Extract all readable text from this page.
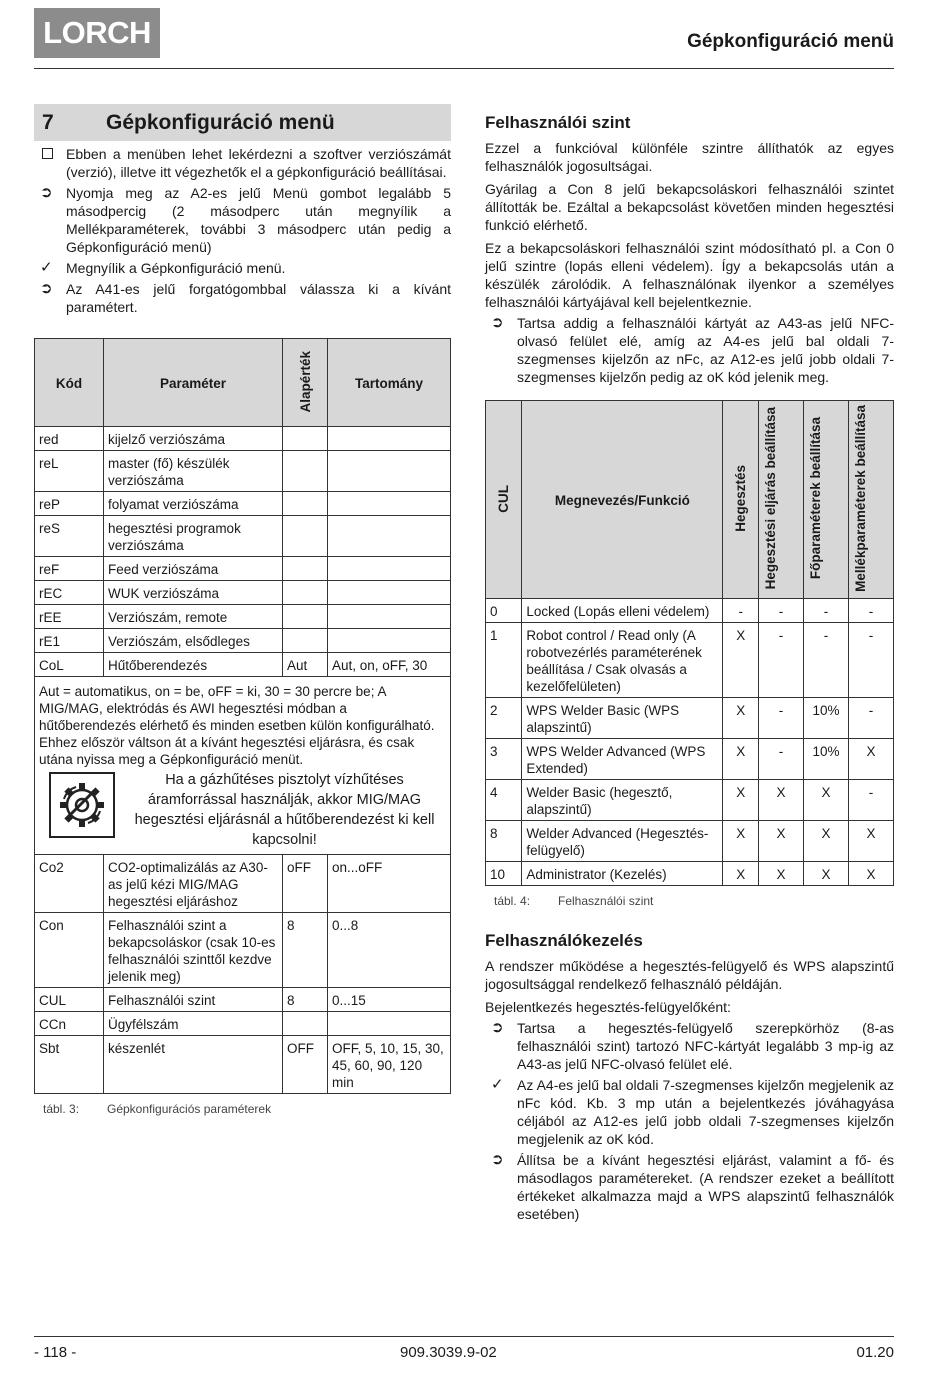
LORCH	Gépkonfiguráció menü
7	Gépkonfiguráció menü
Ebben a menüben lehet lekérdezni a szoftver verziószámát (verzió), illetve itt végezhetők el a gépkonfiguráció beállításai.
➲ Nyomja meg az A2-es jelű Menü gombot legalább 5 másodpercig (2 másodperc után megnyílik a Mellékparaméterek, további 3 másodperc után pedig a Gépkonfiguráció menü)
✓ Megnyílik a Gépkonfiguráció menü.
➲ Az A41-es jelű forgatógombbal válassza ki a kívánt paramétert.
Kód	Paraméter	Alapérték	Tartomány
red	kijelző verziószáma		
reL	master (fő) készülék verziószáma		
reP	folyamat verziószáma		
reS	hegesztési programok verziószáma		
reF	Feed verziószáma		
rEC	WUK verziószáma		
rEE	Verziószám, remote		
rE1	Verziószám, elsődleges		
CoL	Hűtőberendezés	Aut	Aut, on, oFF, 30

Aut = automatikus, on = be, oFF = ki, 30 = 30 percre be; A MIG/MAG, elektródás és AWI hegesztési módban a hűtőberendezés elérhető és minden esetben külön konfigurálható. Ehhez először váltson át a kívánt hegesztési eljárásra, és csak utána nyissa meg a Gépkonfiguráció menüt.
Ha a gázhűtéses pisztolyt vízhűtéses áramforrással használják, akkor MIG/MAG hegesztési eljárásnál a hűtőberendezést ki kell kapcsolni!			

Co2	CO2-optimalizálás az A30-as jelű kézi MIG/MAG hegesztési eljáráshoz	oFF	on...oFF
Con	Felhasználói szint a bekapcsoláskor (csak 10-es felhasználói szinttől kezdve jelenik meg)	8	0...8
CUL	Felhasználói szint	8	0...15
CCn	Ügyfélszám		
Sbt	készenlét	OFF	OFF, 5, 10, 15, 30, 45, 60, 90, 120 min
tábl. 3:	Gépkonfigurációs paraméterek
Felhasználói szint

Ezzel a funkcióval különféle szintre állíthatók az egyes felhasználók jogosultságai.

Gyárilag a Con 8 jelű bekapcsoláskori felhasználói szintet állították be. Ezáltal a bekapcsolást követően minden hegesztési funkció elérhető.

Ez a bekapcsoláskori felhasználói szint módosítható pl. a Con 0 jelű szintre (lopás elleni védelem). Így a bekapcsolás után a készülék zárolódik. A felhasználónak ilyenkor a személyes felhasználói kártyájával kell bejelentkeznie.

➲ Tartsa addig a felhasználói kártyát az A43-as jelű NFC-olvasó felület elé, amíg az A4-es jelű bal oldali 7-szegmenses kijelzőn az nFc, az A12-es jelű jobb oldali 7-szegmenses kijelzőn pedig az oK kód jelenik meg.
CUL	Megnevezés/Funkció	Hegesztés	Hegesztési eljárás beállítása	Főparaméterek beállítása	Mellékparaméterek beállítása
0	Locked (Lopás elleni védelem)	-	-	-	-
1	Robot control / Read only (A robotvezérlés paraméterének beállítása / Csak olvasás a kezelőfelületen)	X	-	-	-
2	WPS Welder Basic (WPS alapszintű)	X	-	10%	-
3	WPS Welder Advanced (WPS Extended)	X	-	10%	X
4	Welder Basic (hegesztő, alapszintű)	X	X	X	-
8	Welder Advanced (Hegesztés-felügyelő)	X	X	X	X
10	Administrator (Kezelés)	X	X	X	X
tábl. 4:	Felhasználói szint
Felhasználókezelés

A rendszer működése a hegesztés-felügyelő és WPS alapszintű jogosultsággal rendelkező felhasználó példáján.

Bejelentkezés hegesztés-felügyelőként:

➲ Tartsa a hegesztés-felügyelő szerepkörhöz (8-as felhasználói szint) tartozó NFC-kártyát legalább 3 mp-ig az A43-as jelű NFC-olvasó felület elé.
✓ Az A4-es jelű bal oldali 7-szegmenses kijelzőn megjelenik az nFc kód. Kb. 3 mp után a bejelentkezés jóváhagyása céljából az A12-es jelű jobb oldali 7-szegmenses kijelzőn megjelenik az oK kód.
➲ Állítsa be a kívánt hegesztési eljárást, valamint a fő- és másodlagos paramétereket. (A rendszer ezeket a beállított értékeket alkalmazza majd a WPS alapszintű felhasználók esetében)
- 118 -	909.3039.9-02	01.20
